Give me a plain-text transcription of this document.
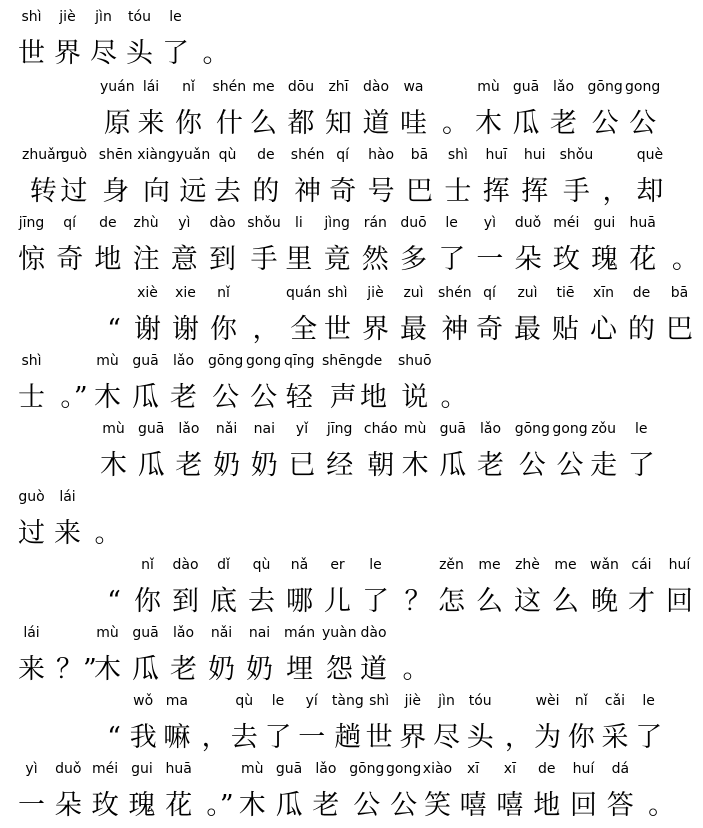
shì
世
jiè
界
jìn
尽
tóu
头
le
了 。
yuán
原
lái
来
nǐ
你
shén
什
me
么
dōu
都
zhī
知
dào
道
wa
哇 。
mù
木
guā
瓜
lǎo
老
gōng
公
gong
公
zhuǎn
转
guò
过
shēn
身
xiàng
向
yuǎn
远
qù
去
de
的
shén
神
qí
奇
hào
号
bā
巴
shì
士
huī
挥
hui
挥
shǒu
手 ，
què
却
jīng
惊
qí
奇
de
地
zhù
注
yì
意
dào
到
shǒu
手
li
里
jìng
竟
rán
然
duō
多
le
了
yì
一
duǒ
朵
méi
玫
gui
瑰
huā
花 。
“
xiè
谢
xie
谢
nǐ
你 ，
quán
全
shì
世
jiè
界
zuì
最
shén
神
qí
奇
zuì
最
tiē
贴
xīn
心
de
的
bā
巴
shì
士 。”
mù
木
guā
瓜
lǎo
老
gōng
公
gong
公
qīng
轻
shēng
声
de
地
shuō
说 。
mù
木
guā
瓜
lǎo
老
nǎi
奶
nai
奶
yǐ
已
jīng
经
cháo
朝
mù
木
guā
瓜
lǎo
老
gōng
公
gong
公
zǒu
走
le
了
guò
过
lái
来 。
“
nǐ
你
dào
到
dǐ
底
qù
去
nǎ
哪
er
儿
le
了 ？
zěn
怎
me
么
zhè
这
me
么
wǎn
晚
cái
才
huí
回
lái
来 ？”
mù
木
guā
瓜
lǎo
老
nǎi
奶
nai
奶
mán
埋
yuàn
怨
dào
道 。
“
wǒ
我
ma
嘛 ，
qù
去
le
了
yí
一
tàng
趟
shì
世
jiè
界
jìn
尽
tóu
头 ，
wèi
为
nǐ
你
cǎi
采
le
了
yì
一
duǒ
朵
méi
玫
gui
瑰
huā
花 。”
mù
木
guā
瓜
lǎo
老
gōng
公
gong
公
xiào
笑
xī
嘻
xī
嘻
de
地
huí
回
dá
答 。
